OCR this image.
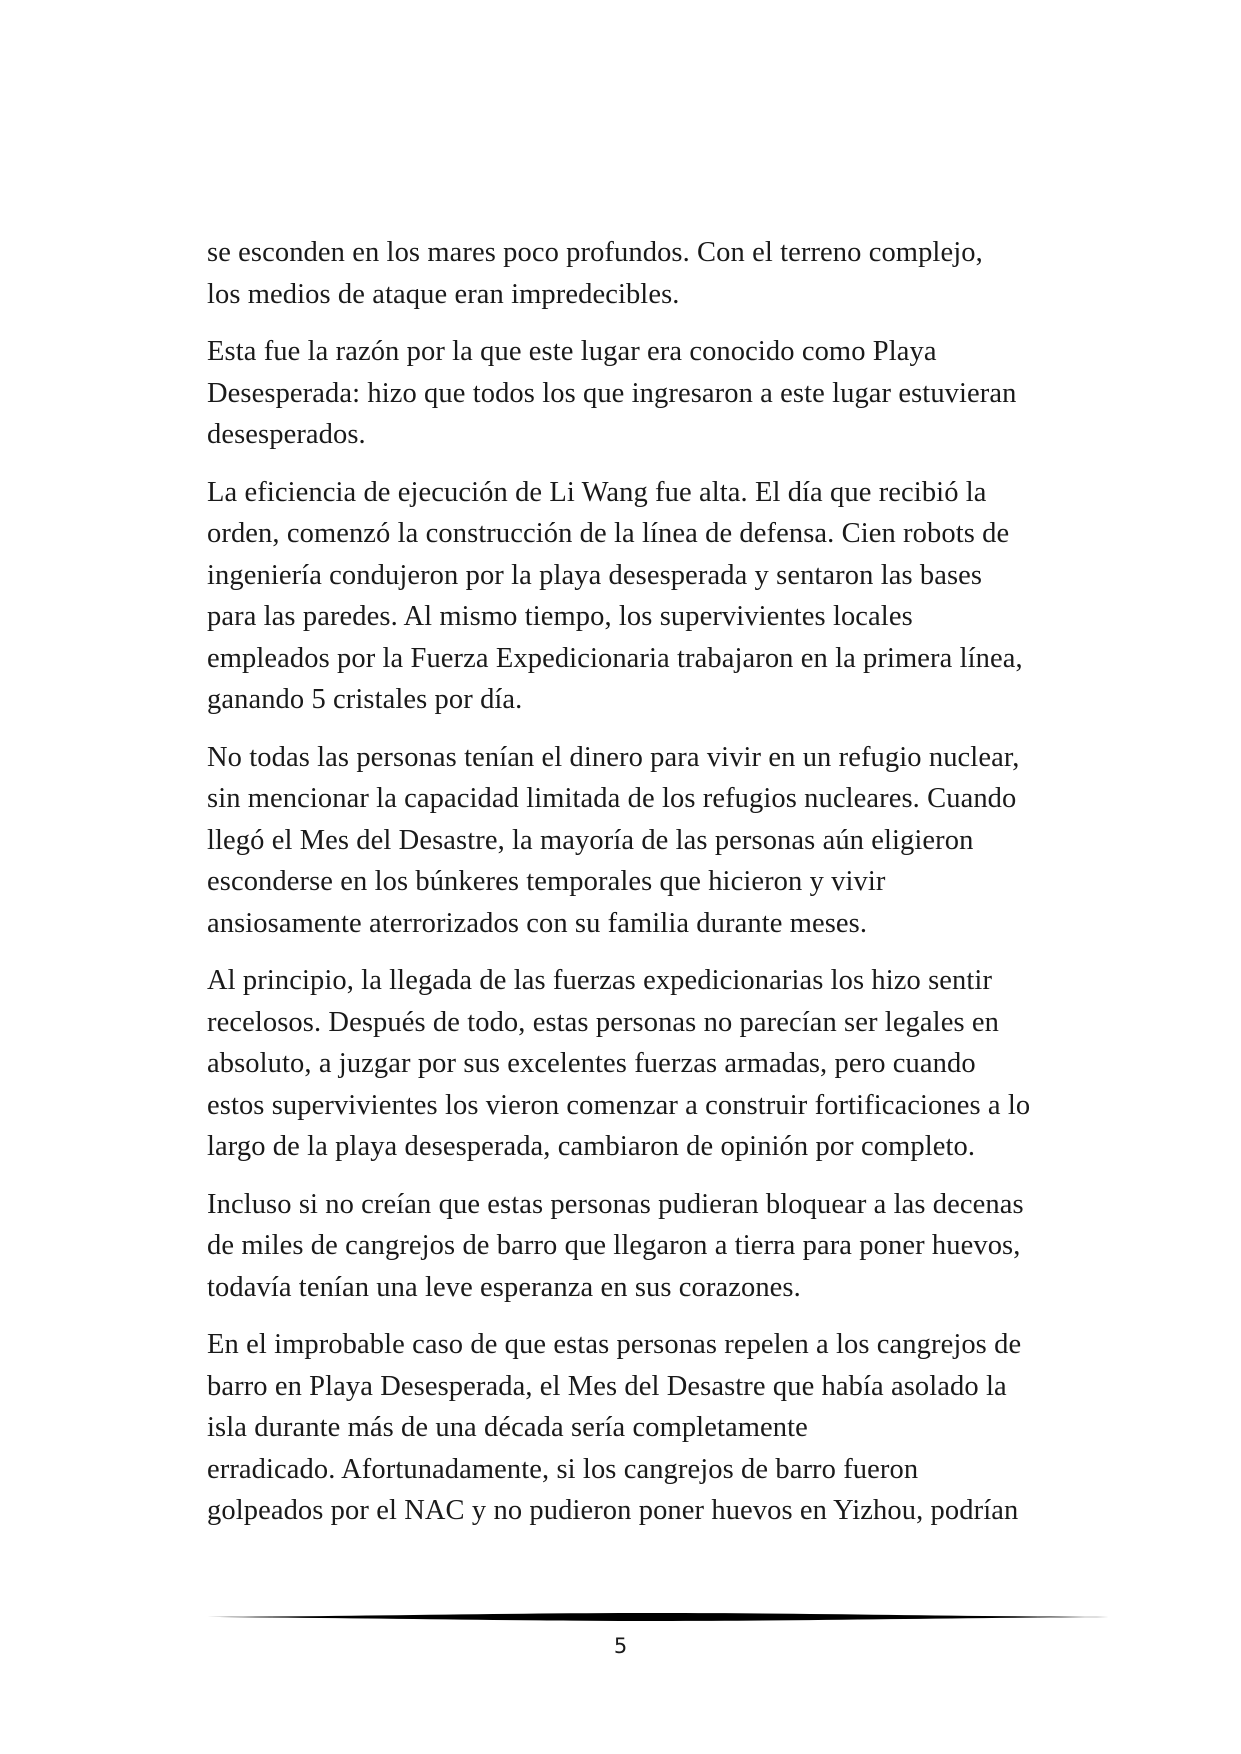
se esconden en los mares poco profundos. Con el terreno complejo,
los medios de ataque eran impredecibles.

Esta fue la razón por la que este lugar era conocido como Playa
Desesperada: hizo que todos los que ingresaron a este lugar estuvieran
desesperados.

La eficiencia de ejecución de Li Wang fue alta. El día que recibió la
orden, comenzó la construcción de la línea de defensa. Cien robots de
ingeniería condujeron por la playa desesperada y sentaron las bases
para las paredes. Al mismo tiempo, los supervivientes locales
empleados por la Fuerza Expedicionaria trabajaron en la primera línea,
ganando 5 cristales por día.

No todas las personas tenían el dinero para vivir en un refugio nuclear,
sin mencionar la capacidad limitada de los refugios nucleares. Cuando
llegó el Mes del Desastre, la mayoría de las personas aún eligieron
esconderse en los búnkeres temporales que hicieron y vivir
ansiosamente aterrorizados con su familia durante meses.

Al principio, la llegada de las fuerzas expedicionarias los hizo sentir
recelosos. Después de todo, estas personas no parecían ser legales en
absoluto, a juzgar por sus excelentes fuerzas armadas, pero cuando
estos supervivientes los vieron comenzar a construir fortificaciones a lo
largo de la playa desesperada, cambiaron de opinión por completo.

Incluso si no creían que estas personas pudieran bloquear a las decenas
de miles de cangrejos de barro que llegaron a tierra para poner huevos,
todavía tenían una leve esperanza en sus corazones.

En el improbable caso de que estas personas repelen a los cangrejos de
barro en Playa Desesperada, el Mes del Desastre que había asolado la
isla durante más de una década sería completamente
erradicado. Afortunadamente, si los cangrejos de barro fueron
golpeados por el NAC y no pudieron poner huevos en Yizhou, podrían

5
